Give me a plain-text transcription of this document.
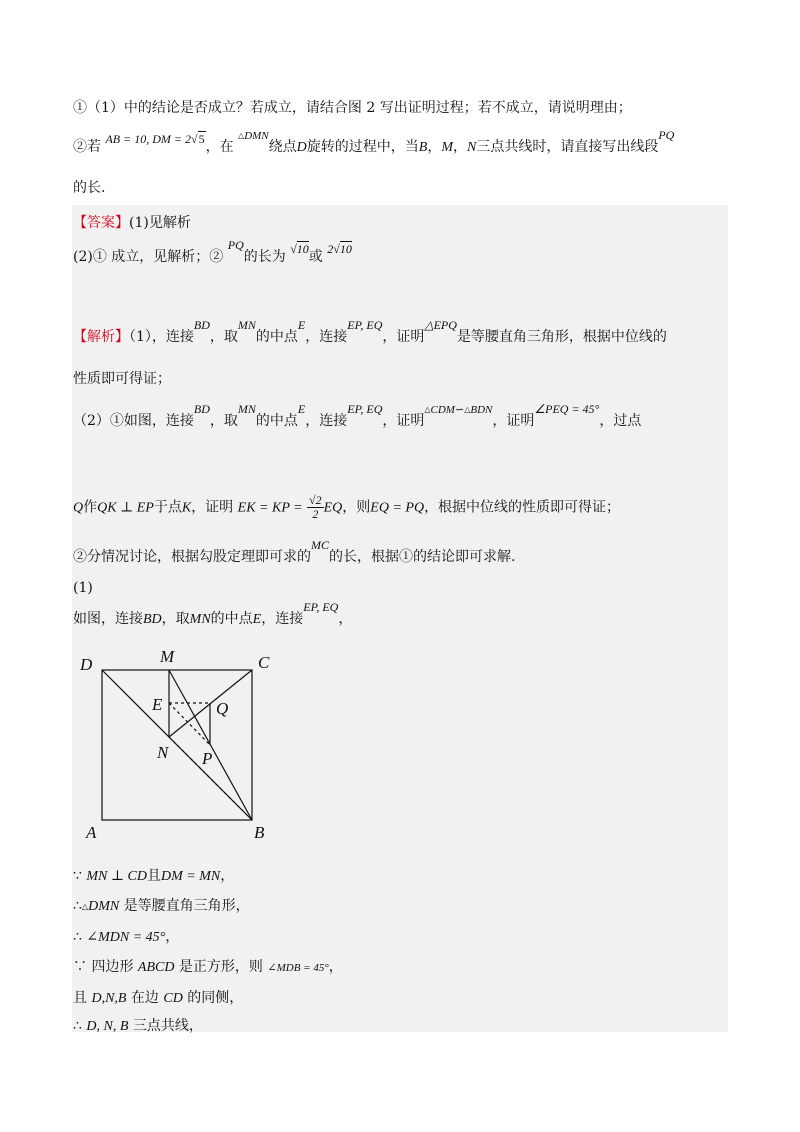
①（1）中的结论是否成立？若成立，请结合图 2 写出证明过程；若不成立，请说明理由；
②若 AB = 10, DM = 2√5，在 $^{\triangle DMN}$绕点D旋转的过程中，当B，M，N三点共线时，请直接写出线段PQ
的长.
【答案】(1)见解析
(2)① 成立，见解析；② PQ的长为 √10或 2√10
【解析】（1），连接BD，取MN的中点E，连接EP, EQ，证明△EPQ是等腰直角三角形，根据中位线的
性质即可得证；
（2）①如图，连接BD，取MN的中点E，连接EP, EQ，证明$^{\triangle CDM∽\triangle BDN}$，证明∠PEQ = 45°，过点
Q作QK ⊥ EP于点K，证明 EK = KP = $\frac{√2}{2}$ EQ，则EQ = PQ，根据中位线的性质即可得证；
②分情况讨论，根据勾股定理即可求的MC的长，根据①的结论即可求解.
(1)
如图，连接BD，取MN的中点E，连接EP, EQ，
D	M	C
E	Q
N P
A	B
∵ MN ⊥ CD且DM = MN，
∴△DMN 是等腰直角三角形，
∴ ∠MDN = 45°，
∵ 四边形 ABCD 是正方形，则 ∠MDB = 45°，
且 D,N,B 在边 CD 的同侧，
∴ D, N, B 三点共线，
